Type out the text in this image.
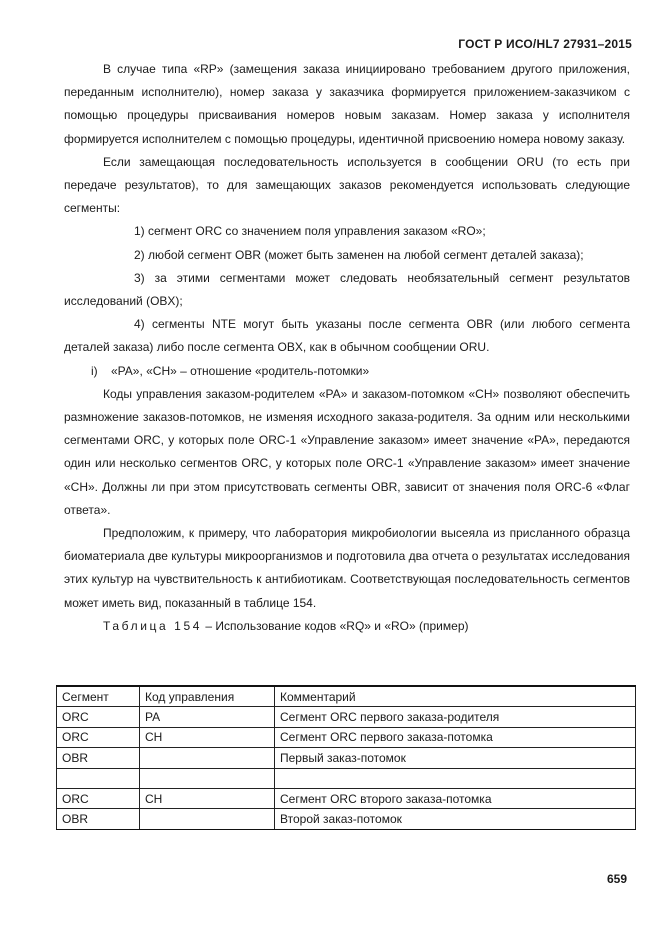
ГОСТ Р ИСО/HL7 27931–2015

В случае типа «RP» (замещения заказа инициировано требованием другого приложения, переданным исполнителю), номер заказа у заказчика формируется приложением-заказчиком с помощью процедуры присваивания номеров новым заказам. Номер заказа у исполнителя формируется исполнителем с помощью процедуры, идентичной присвоению номера новому заказу.

Если замещающая последовательность используется в сообщении ORU (то есть при передаче результатов), то для замещающих заказов рекомендуется использовать следующие сегменты:

1) сегмент ORC со значением поля управления заказом «RO»;

2) любой сегмент OBR (может быть заменен на любой сегмент деталей заказа);

3) за этими сегментами может следовать необязательный сегмент результатов исследований (OBX);

4) сегменты NTE могут быть указаны после сегмента OBR (или любого сегмента деталей заказа) либо после сегмента OBX, как в обычном сообщении ORU.

i)    «PA», «CH» – отношение «родитель-потомки»

Коды управления заказом-родителем «PA» и заказом-потомком «CH» позволяют обеспечить размножение заказов-потомков, не изменяя исходного заказа-родителя. За одним или несколькими сегментами ORC, у которых поле ORC-1 «Управление заказом» имеет значение «PA», передаются один или несколько сегментов ORC, у которых поле ORC-1 «Управление заказом» имеет значение «CH». Должны ли при этом присутствовать сегменты OBR, зависит от значения поля ORC-6 «Флаг ответа».

Предположим, к примеру, что лаборатория микробиологии высеяла из присланного образца биоматериала две культуры микроорганизмов и подготовила два отчета о результатах исследования этих культур на чувствительность к антибиотикам. Соответствующая последовательность сегментов может иметь вид, показанный в таблице 154.

Таблица 154 – Использование кодов «RQ» и «RO» (пример)

Сегмент	Код управления	Комментарий
ORC	PA	Сегмент ORC первого заказа-родителя
ORC	CH	Сегмент ORC первого заказа-потомка
OBR		Первый заказ-потомок

ORC	CH	Сегмент ORC второго заказа-потомка
OBR		Второй заказ-потомок
659
